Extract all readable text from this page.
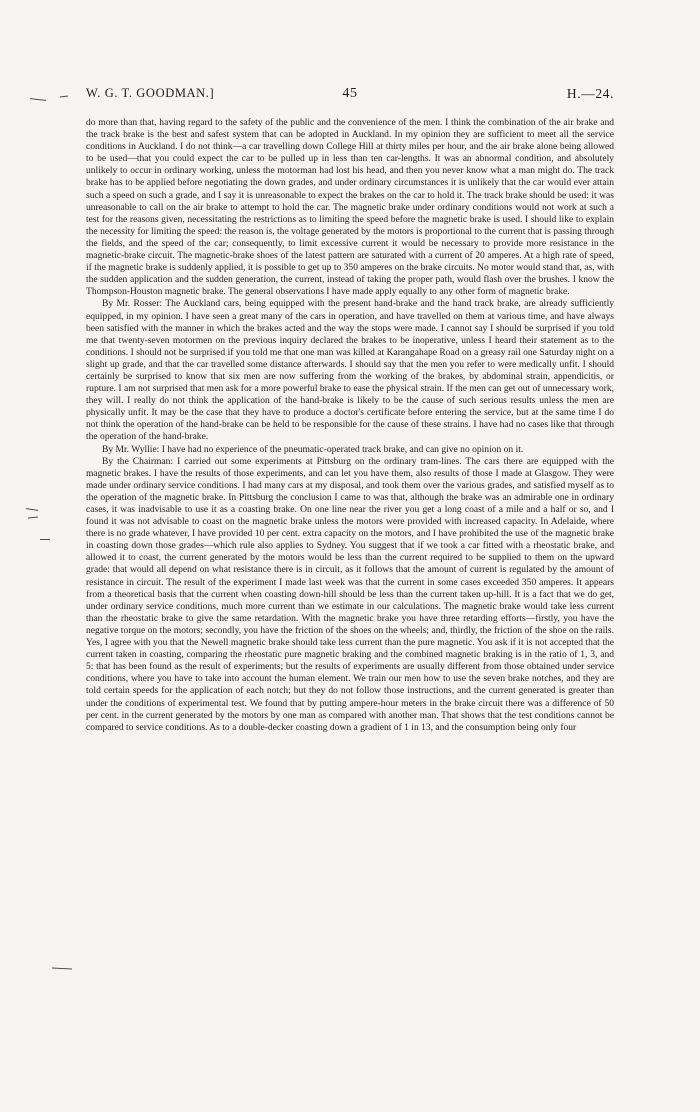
W. G. T. GOODMAN.]	45	H.—24.

do more than that, having regard to the safety of the public and the convenience of the men. I think the combination of the air brake and the track brake is the best and safest system that can be adopted in Auckland. In my opinion they are sufficient to meet all the service conditions in Auckland. I do not think—a car travelling down College Hill at thirty miles per hour, and the air brake alone being allowed to be used—that you could expect the car to be pulled up in less than ten car-lengths. It was an abnormal condition, and absolutely unlikely to occur in ordinary working, unless the motorman had lost his head, and then you never know what a man might do. The track brake has to be applied before negotiating the down grades, and under ordinary circumstances it is unlikely that the car would ever attain such a speed on such a grade, and I say it is unreasonable to expect the brakes on the car to hold it. The track brake should be used: it was unreasonable to call on the air brake to attempt to hold the car. The magnetic brake under ordinary conditions would not work at such a test for the reasons given, necessitating the restrictions as to limiting the speed before the magnetic brake is used. I should like to explain the necessity for limiting the speed: the reason is, the voltage generated by the motors is proportional to the current that is passing through the fields, and the speed of the car; consequently, to limit excessive current it would be necessary to provide more resistance in the magnetic-brake circuit. The magnetic-brake shoes of the latest pattern are saturated with a current of 20 amperes. At a high rate of speed, if the magnetic brake is suddenly applied, it is possible to get up to 350 amperes on the brake circuits. No motor would stand that, as, with the sudden application and the sudden generation, the current, instead of taking the proper path, would flash over the brushes. I know the Thompson-Houston magnetic brake. The general observations I have made apply equally to any other form of magnetic brake.

By Mr. Rosser: The Auckland cars, being equipped with the present hand-brake and the hand track brake, are already sufficiently equipped, in my opinion. I have seen a great many of the cars in operation, and have travelled on them at various time, and have always been satisfied with the manner in which the brakes acted and the way the stops were made. I cannot say I should be surprised if you told me that twenty-seven motormen on the previous inquiry declared the brakes to be inoperative, unless I heard their statement as to the conditions. I should not be surprised if you told me that one man was killed at Karangahape Road on a greasy rail one Saturday night on a slight up grade, and that the car travelled some distance afterwards. I should say that the men you refer to were medically unfit. I should certainly be surprised to know that six men are now suffering from the working of the brakes, by abdominal strain, appendicitis, or rupture. I am not surprised that men ask for a more powerful brake to ease the physical strain. If the men can get out of unnecessary work, they will. I really do not think the application of the hand-brake is likely to be the cause of such serious results unless the men are physically unfit. It may be the case that they have to produce a doctor's certificate before entering the service, but at the same time I do not think the operation of the hand-brake can be held to be responsible for the cause of these strains. I have had no cases like that through the operation of the hand-brake.

By Mr. Wyllie: I have had no experience of the pneumatic-operated track brake, and can give no opinion on it.

By the Chairman: I carried out some experiments at Pittsburg on the ordinary tram-lines. The cars there are equipped with the magnetic brakes. I have the results of those experiments, and can let you have them, also results of those I made at Glasgow. They were made under ordinary service conditions. I had many cars at my disposal, and took them over the various grades, and satisfied myself as to the operation of the magnetic brake. In Pittsburg the conclusion I came to was that, although the brake was an admirable one in ordinary cases, it was inadvisable to use it as a coasting brake. On one line near the river you get a long coast of a mile and a half or so, and I found it was not advisable to coast on the magnetic brake unless the motors were provided with increased capacity. In Adelaide, where there is no grade whatever, I have provided 10 per cent. extra capacity on the motors, and I have prohibited the use of the magnetic brake in coasting down those grades—which rule also applies to Sydney. You suggest that if we took a car fitted with a rheostatic brake, and allowed it to coast, the current generated by the motors would be less than the current required to be supplied to them on the upward grade: that would all depend on what resistance there is in circuit, as it follows that the amount of current is regulated by the amount of resistance in circuit. The result of the experiment I made last week was that the current in some cases exceeded 350 amperes. It appears from a theoretical basis that the current when coasting down-hill should be less than the current taken up-hill. It is a fact that we do get, under ordinary service conditions, much more current than we estimate in our calculations. The magnetic brake would take less current than the rheostatic brake to give the same retardation. With the magnetic brake you have three retarding efforts—firstly, you have the negative torque on the motors; secondly, you have the friction of the shoes on the wheels; and, thirdly, the friction of the shoe on the rails. Yes, I agree with you that the Newell magnetic brake should take less current than the pure magnetic. You ask if it is not accepted that the current taken in coasting, comparing the rheostatic pure magnetic braking and the combined magnetic braking is in the ratio of 1, 3, and 5: that has been found as the result of experiments; but the results of experiments are usually different from those obtained under service conditions, where you have to take into account the human element. We train our men how to use the seven brake notches, and they are told certain speeds for the application of each notch; but they do not follow those instructions, and the current generated is greater than under the conditions of experimental test. We found that by putting ampere-hour meters in the brake circuit there was a difference of 50 per cent. in the current generated by the motors by one man as compared with another man. That shows that the test conditions cannot be compared to service conditions. As to a double-decker coasting down a gradient of 1 in 13, and the consumption being only four
